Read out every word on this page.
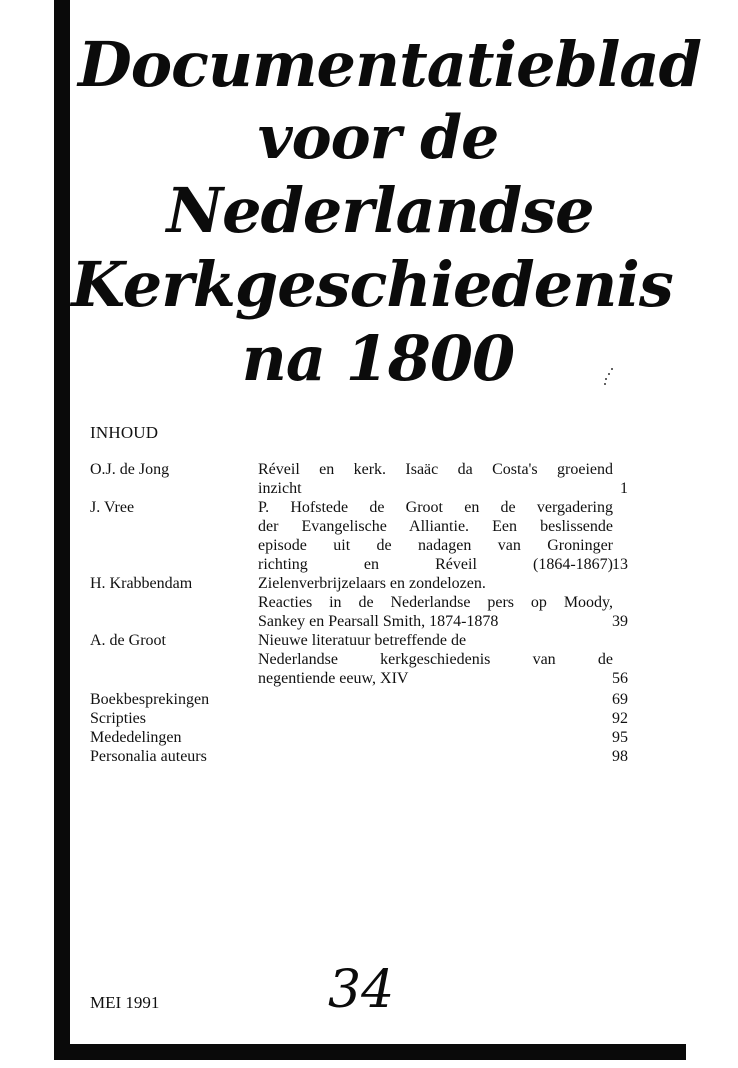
Documentatieblad
voor de
Nederlandse
Kerkgeschiedenis
na 1800
INHOUD
O.J. de Jong	Réveil en kerk. Isaäc da Costa's groeiend
inzicht	1
J. Vree	P. Hofstede de Groot en de vergadering
der Evangelische Alliantie. Een beslissende
episode uit de nadagen van Groninger
richting en Réveil (1864-1867) 13
H. Krabbendam	Zielenverbrijzelaars en zondelozen.
Reacties in de Nederlandse pers op Moody,
Sankey en Pearsall Smith, 1874-1878	39
A. de Groot	Nieuwe literatuur betreffende de
Nederlandse kerkgeschiedenis van de
negentiende eeuw, XIV	56
Boekbesprekingen	69
Scripties	92
Mededelingen	95
Personalia auteurs	98
MEI 1991	34
